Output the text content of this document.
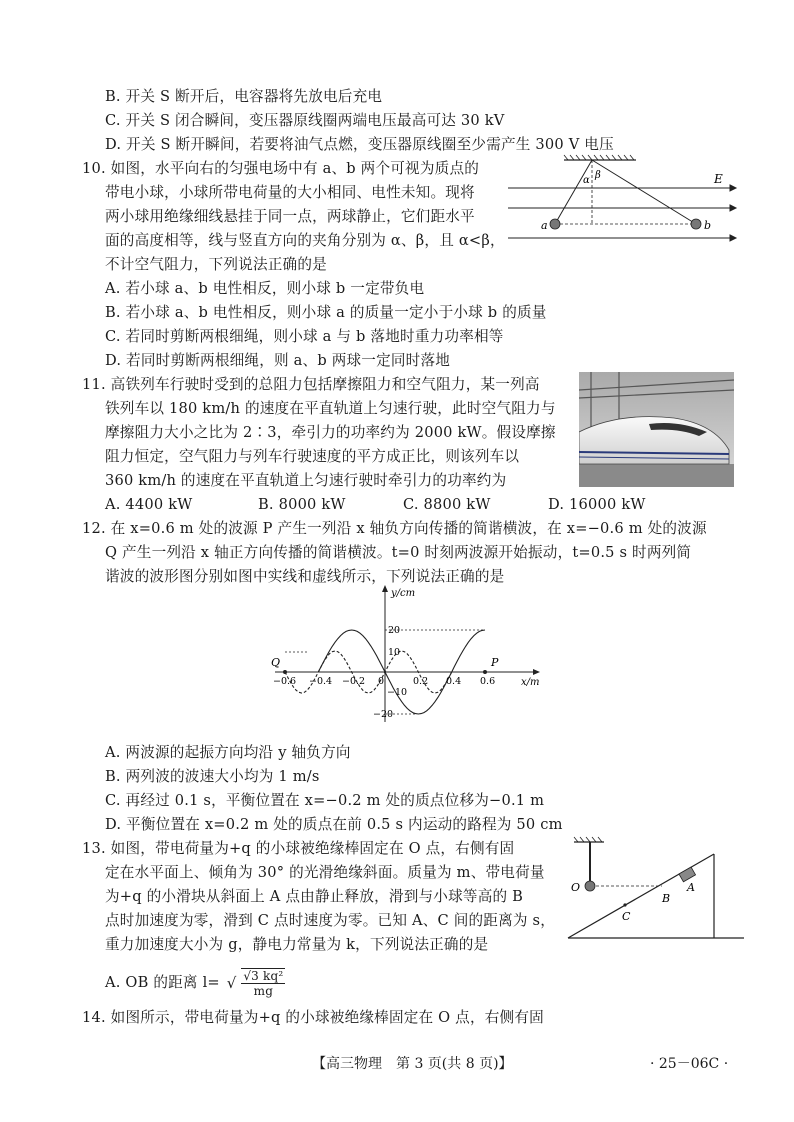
B. 开关 S 断开后，电容器将先放电后充电
C. 开关 S 闭合瞬间，变压器原线圈两端电压最高可达 30 kV
D. 开关 S 断开瞬间，若要将油气点燃，变压器原线圈至少需产生 300 V 电压
10. 如图，水平向右的匀强电场中有 a、b 两个可视为质点的
带电小球，小球所带电荷量的大小相同、电性未知。现将
两小球用绝缘细线悬挂于同一点，两球静止，它们距水平
面的高度相等，线与竖直方向的夹角分别为 α、β，且 α<β，
不计空气阻力，下列说法正确的是
A. 若小球 a、b 电性相反，则小球 b 一定带负电
B. 若小球 a、b 电性相反，则小球 a 的质量一定小于小球 b 的质量
C. 若同时剪断两根细绳，则小球 a 与 b 落地时重力功率相等
D. 若同时剪断两根细绳，则 a、b 两球一定同时落地
11. 高铁列车行驶时受到的总阻力包括摩擦阻力和空气阻力，某一列高
铁列车以 180 km/h 的速度在平直轨道上匀速行驶，此时空气阻力与
摩擦阻力大小之比为 2∶3，牵引力的功率约为 2000 kW。假设摩擦
阻力恒定，空气阻力与列车行驶速度的平方成正比，则该列车以
360 km/h 的速度在平直轨道上匀速行驶时牵引力的功率约为
A. 4400 kW	B. 8000 kW	C. 8800 kW	D. 16000 kW
12. 在 x=0.6 m 处的波源 P 产生一列沿 x 轴负方向传播的简谐横波，在 x=−0.6 m 处的波源
Q 产生一列沿 x 轴正方向传播的简谐横波。t=0 时刻两波源开始振动，t=0.5 s 时两列简
谐波的波形图分别如图中实线和虚线所示，下列说法正确的是
A. 两波源的起振方向均沿 y 轴负方向
B. 两列波的波速大小均为 1 m/s
C. 再经过 0.1 s，平衡位置在 x=−0.2 m 处的质点位移为−0.1 m
D. 平衡位置在 x=0.2 m 处的质点在前 0.5 s 内运动的路程为 50 cm
13. 如图，带电荷量为+q 的小球被绝缘棒固定在 O 点，右侧有固
定在水平面上、倾角为 30° 的光滑绝缘斜面。质量为 m、带电荷量
为+q 的小滑块从斜面上 A 点由静止释放，滑到与小球等高的 B
点时加速度为零，滑到 C 点时速度为零。已知 A、C 间的距离为 s，
重力加速度大小为 g，静电力常量为 k，下列说法正确的是
A. OB 的距离 l= √ $\frac{\text{√3 kq²}}{mg}$
14. 如图所示，带电荷量为+q 的小球被绝缘棒固定在 O 点，右侧有固
E
a	b
α β
y/cm
x/m
Q	P
−0.6 −0.4 −0.2 0	0.2 0.4 0.6
20
10
−10
−20
O	A
B
C
【高三物理　第 3 页(共 8 页)】	· 25－06C ·
